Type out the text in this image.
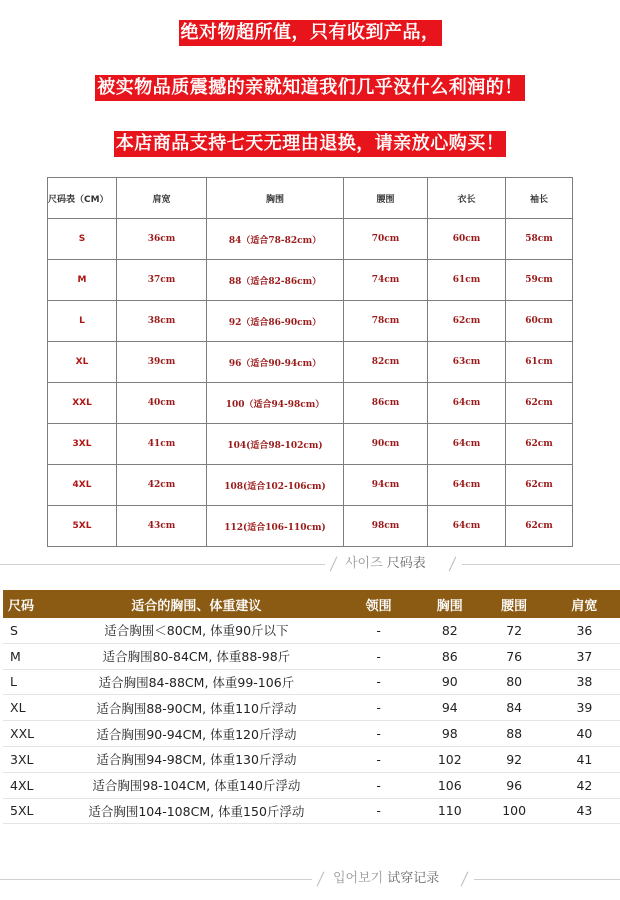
绝对物超所值，只有收到产品，
被实物品质震撼的亲就知道我们几乎没什么利润的！
本店商品支持七天无理由退换，请亲放心购买！
尺码表（CM）	肩宽	胸围	腰围	衣长	袖长
S	36cm	84（适合78-82cm）	70cm	60cm	58cm
M	37cm	88（适合82-86cm）	74cm	61cm	59cm
L	38cm	92（适合86-90cm）	78cm	62cm	60cm
XL	39cm	96（适合90-94cm）	82cm	63cm	61cm
XXL	40cm	100（适合94-98cm）	86cm	64cm	62cm
3XL	41cm	104(适合98-102cm)	90cm	64cm	62cm
4XL	42cm	108(适合102-106cm)	94cm	64cm	62cm
5XL	43cm	112(适合106-110cm)	98cm	64cm	62cm
사이즈 尺码表
尺码	适合的胸围、体重建议	领围	胸围	腰围	肩宽
S	适合胸围＜80CM, 体重90斤以下	-	82	72	36
M	适合胸围80-84CM, 体重88-98斤	-	86	76	37
L	适合胸围84-88CM, 体重99-106斤	-	90	80	38
XL	适合胸围88-90CM, 体重110斤浮动	-	94	84	39
XXL	适合胸围90-94CM, 体重120斤浮动	-	98	88	40
3XL	适合胸围94-98CM, 体重130斤浮动	-	102	92	41
4XL	适合胸围98-104CM, 体重140斤浮动	-	106	96	42
5XL	适合胸围104-108CM, 体重150斤浮动	-	110	100	43
입어보기 试穿记录
